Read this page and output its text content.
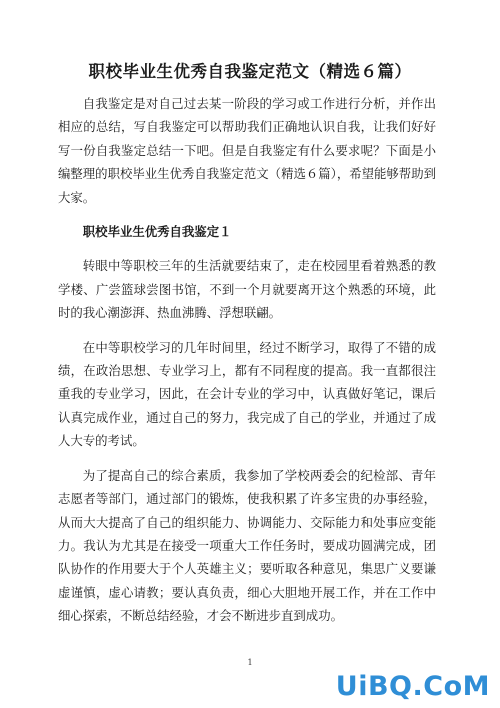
职校毕业生优秀自我鉴定范文（精选６篇）

自我鉴定是对自己过去某一阶段的学习或工作进行分析，并作出相应的总结，写自我鉴定可以帮助我们正确地认识自我，让我们好好写一份自我鉴定总结一下吧。但是自我鉴定有什么要求呢？下面是小编整理的职校毕业生优秀自我鉴定范文（精选６篇），希望能够帮助到大家。

职校毕业生优秀自我鉴定１

转眼中等职校三年的生活就要结束了，走在校园里看着熟悉的教学楼、广尝篮球尝图书馆，不到一个月就要离开这个熟悉的环境，此时的我心潮澎湃、热血沸腾、浮想联翩。

在中等职校学习的几年时间里，经过不断学习，取得了不错的成绩，在政治思想、专业学习上，都有不同程度的提高。我一直都很注重我的专业学习，因此，在会计专业的学习中，认真做好笔记，课后认真完成作业，通过自己的努力，我完成了自己的学业，并通过了成人大专的考试。

为了提高自己的综合素质，我参加了学校两委会的纪检部、青年志愿者等部门，通过部门的锻炼，使我积累了许多宝贵的办事经验，从而大大提高了自己的组织能力、协调能力、交际能力和处事应变能力。我认为尤其是在接受一项重大工作任务时，要成功圆满完成，团队协作的作用要大于个人英雄主义；要听取各种意见，集思广义要谦虚谨慎，虚心请教；要认真负责，细心大胆地开展工作，并在工作中细心探索，不断总结经验，才会不断进步直到成功。

1
UiBQ.CoM
